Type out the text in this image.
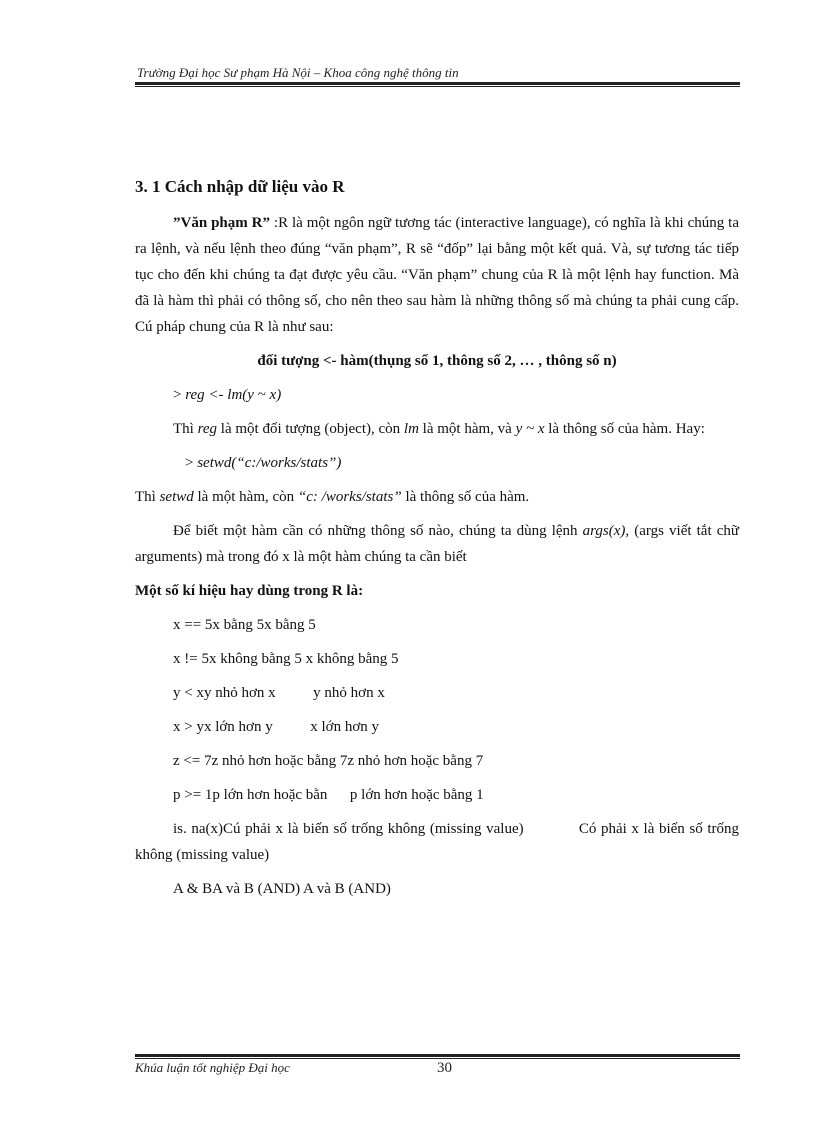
Trường Đại học Sư phạm Hà Nội – Khoa công nghệ thông tin
3. 1 Cách nhập dữ liệu vào R

”Văn phạm R” :R là một ngôn ngữ tương tác (interactive language), có nghĩa là khi chúng ta ra lệnh, và nếu lệnh theo đúng “văn phạm”, R sẽ “đốp” lại bằng một kết quả. Và, sự tương tác tiếp tục cho đến khi chúng ta đạt được yêu cầu. “Văn phạm” chung của R là một lệnh hay function. Mà đã là hàm thì phải có thông số, cho nên theo sau hàm là những thông số mà chúng ta phải cung cấp. Cú pháp chung của R là như sau:

đối tượng <- hàm(thụng số 1, thông số 2, … , thông số n)

> reg <- lm(y ~ x)

Thì reg là một đối tượng (object), còn lm là một hàm, và y ~ x là thông số của hàm. Hay:

> setwd(“c:/works/stats”)

Thì setwd là một hàm, còn “c: /works/stats” là thông số của hàm.

Để biết một hàm cần có những thông số nào, chúng ta dùng lệnh args(x), (args viết tắt chữ arguments) mà trong đó x là một hàm chúng ta cần biết

Một số kí hiệu hay dùng trong R là:

x == 5x bằng 5x bằng 5
x != 5x không bằng 5 x không bằng 5
y < xy nhỏ hơn x          y nhỏ hơn x
x > yx lớn hơn y          x lớn hơn y
z <= 7z nhỏ hơn hoặc bằng 7z nhỏ hơn hoặc bằng 7
p >= 1p lớn hơn hoặc bằn      p lớn hơn hoặc bằng 1

is. na(x)Cú phải x là biến số trống không (missing value)            Có phải x là biến số trống không (missing value)

A & BA và B (AND) A và B (AND)
Khúa luận tốt nghiệp Đại học	30
